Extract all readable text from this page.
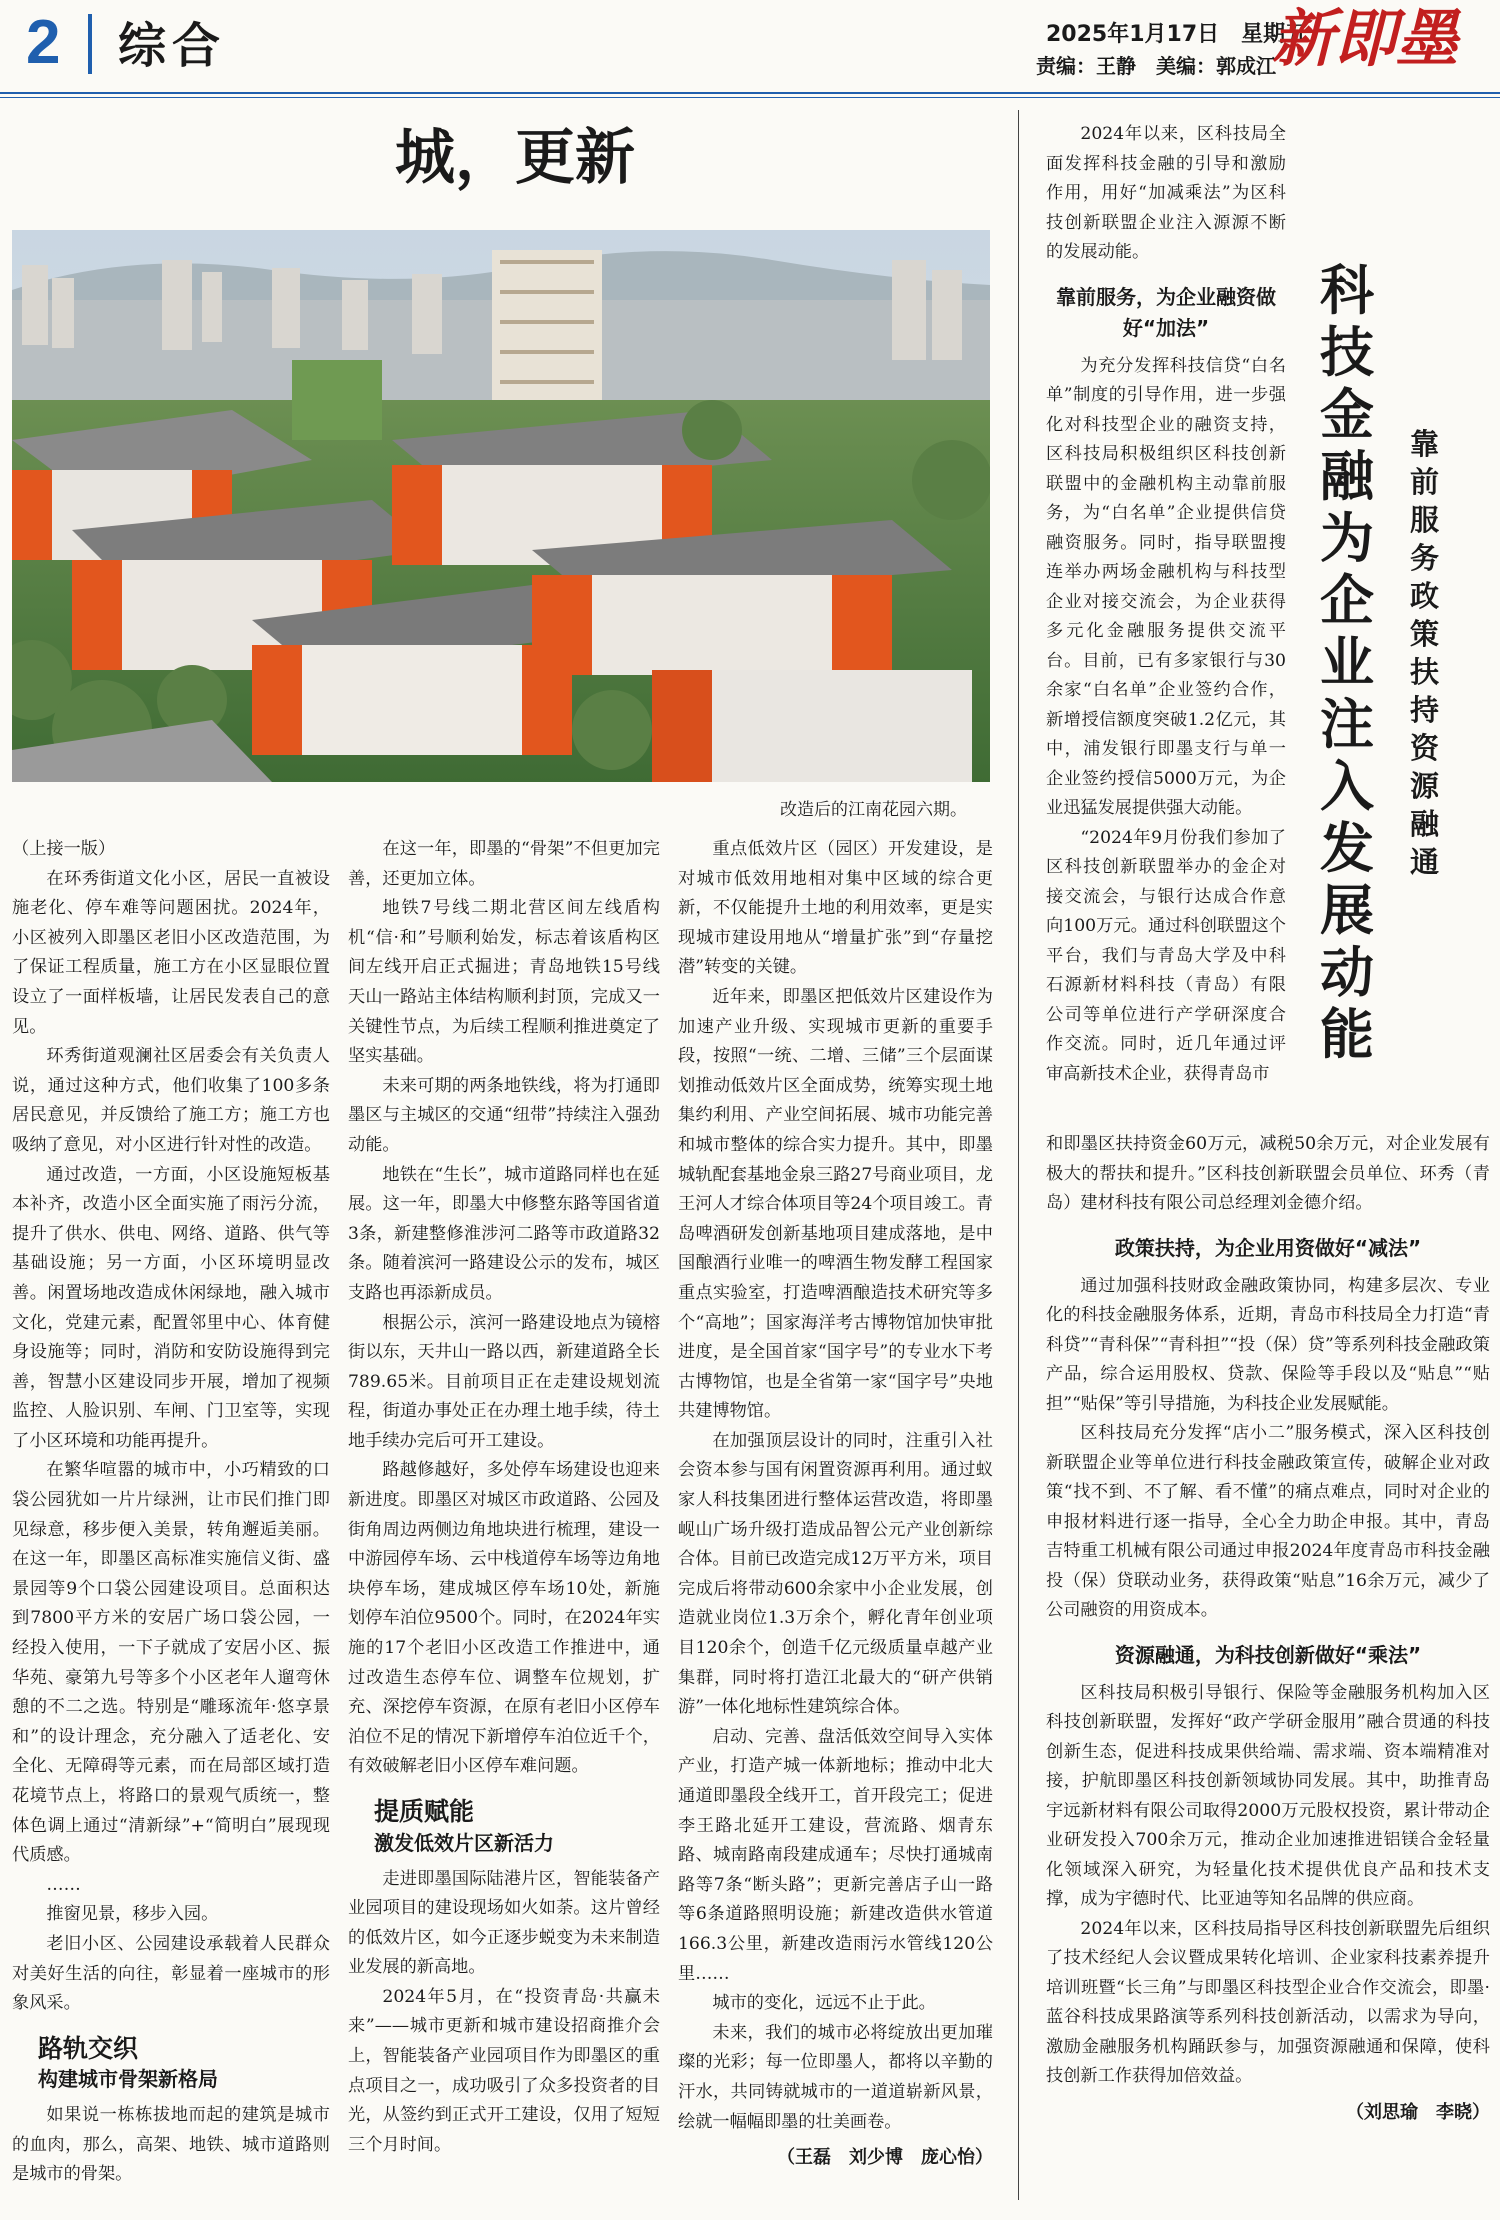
2 综合	2025年1月17日　星期五
责编：王静　美编：郭成江
新即墨
城，更新
改造后的江南花园六期。

（上接一版）

在环秀街道文化小区，居民一直被设施老化、停车难等问题困扰。2024年，小区被列入即墨区老旧小区改造范围，为了保证工程质量，施工方在小区显眼位置设立了一面样板墙，让居民发表自己的意见。

环秀街道观澜社区居委会有关负责人说，通过这种方式，他们收集了100多条居民意见，并反馈给了施工方；施工方也吸纳了意见，对小区进行针对性的改造。

通过改造，一方面，小区设施短板基本补齐，改造小区全面实施了雨污分流，提升了供水、供电、网络、道路、供气等基础设施；另一方面，小区环境明显改善。闲置场地改造成休闲绿地，融入城市文化，党建元素，配置邻里中心、体育健身设施等；同时，消防和安防设施得到完善，智慧小区建设同步开展，增加了视频监控、人脸识别、车闸、门卫室等，实现了小区环境和功能再提升。

在繁华喧嚣的城市中，小巧精致的口袋公园犹如一片片绿洲，让市民们推门即见绿意，移步便入美景，转角邂逅美丽。在这一年，即墨区高标准实施信义街、盛景园等9个口袋公园建设项目。总面积达到7800平方米的安居广场口袋公园，一经投入使用，一下子就成了安居小区、振华苑、豪第九号等多个小区老年人遛弯休憩的不二之选。特别是“雕琢流年·悠享景和”的设计理念，充分融入了适老化、安全化、无障碍等元素，而在局部区域打造花境节点上，将路口的景观气质统一，整体色调上通过“清新绿”+“简明白”展现现代质感。

……

推窗见景，移步入园。

老旧小区、公园建设承载着人民群众对美好生活的向往，彰显着一座城市的形象风采。

路轨交织
构建城市骨架新格局

如果说一栋栋拔地而起的建筑是城市的血肉，那么，高架、地铁、城市道路则是城市的骨架。

在这一年，即墨的“骨架”不但更加完善，还更加立体。

地铁7号线二期北营区间左线盾构机“信·和”号顺利始发，标志着该盾构区间左线开启正式掘进；青岛地铁15号线天山一路站主体结构顺利封顶，完成又一关键性节点，为后续工程顺利推进奠定了坚实基础。

未来可期的两条地铁线，将为打通即墨区与主城区的交通“纽带”持续注入强劲动能。

地铁在“生长”，城市道路同样也在延展。这一年，即墨大中修整东路等国省道3条，新建整修淮涉河二路等市政道路32条。随着滨河一路建设公示的发布，城区支路也再添新成员。

根据公示，滨河一路建设地点为镜榕街以东，天井山一路以西，新建道路全长789.65米。目前项目正在走建设规划流程，街道办事处正在办理土地手续，待土地手续办完后可开工建设。

路越修越好，多处停车场建设也迎来新进度。即墨区对城区市政道路、公园及街角周边两侧边角地块进行梳理，建设一中游园停车场、云中栈道停车场等边角地块停车场，建成城区停车场10处，新施划停车泊位9500个。同时，在2024年实施的17个老旧小区改造工作推进中，通过改造生态停车位、调整车位规划，扩充、深挖停车资源，在原有老旧小区停车泊位不足的情况下新增停车泊位近千个，有效破解老旧小区停车难问题。

提质赋能
激发低效片区新活力

走进即墨国际陆港片区，智能装备产业园项目的建设现场如火如荼。这片曾经的低效片区，如今正逐步蜕变为未来制造业发展的新高地。

2024年5月，在“投资青岛·共赢未来”——城市更新和城市建设招商推介会上，智能装备产业园项目作为即墨区的重点项目之一，成功吸引了众多投资者的目光，从签约到正式开工建设，仅用了短短三个月时间。

重点低效片区（园区）开发建设，是对城市低效用地相对集中区域的综合更新，不仅能提升土地的利用效率，更是实现城市建设用地从“增量扩张”到“存量挖潜”转变的关键。

近年来，即墨区把低效片区建设作为加速产业升级、实现城市更新的重要手段，按照“一统、二增、三储”三个层面谋划推动低效片区全面成势，统筹实现土地集约利用、产业空间拓展、城市功能完善和城市整体的综合实力提升。其中，即墨城轨配套基地金泉三路27号商业项目，龙王河人才综合体项目等24个项目竣工。青岛啤酒研发创新基地项目建成落地，是中国酿酒行业唯一的啤酒生物发酵工程国家重点实验室，打造啤酒酿造技术研究等多个“高地”；国家海洋考古博物馆加快审批进度，是全国首家“国字号”的专业水下考古博物馆，也是全省第一家“国字号”央地共建博物馆。

在加强顶层设计的同时，注重引入社会资本参与国有闲置资源再利用。通过蚁家人科技集团进行整体运营改造，将即墨岘山广场升级打造成品智公元产业创新综合体。目前已改造完成12万平方米，项目完成后将带动600余家中小企业发展，创造就业岗位1.3万余个，孵化青年创业项目120余个，创造千亿元级质量卓越产业集群，同时将打造江北最大的“研产供销游”一体化地标性建筑综合体。

启动、完善、盘活低效空间导入实体产业，打造产城一体新地标；推动中北大通道即墨段全线开工，首开段完工；促进李王路北延开工建设，营流路、烟青东路、城南路南段建成通车；尽快打通城南路等7条“断头路”；更新完善店子山一路等6条道路照明设施；新建改造供水管道166.3公里，新建改造雨污水管线120公里……

城市的变化，远远不止于此。

未来，我们的城市必将绽放出更加璀璨的光彩；每一位即墨人，都将以辛勤的汗水，共同铸就城市的一道道崭新风景，绘就一幅幅即墨的壮美画卷。

（王磊　刘少博　庞心怡）
科技金融为企业注入发展动能
靠前服务　政策扶持　资源融通

2024年以来，区科技局全面发挥科技金融的引导和激励作用，用好“加减乘法”为区科技创新联盟企业注入源源不断的发展动能。

靠前服务，为企业融资做好“加法”

为充分发挥科技信贷“白名单”制度的引导作用，进一步强化对科技型企业的融资支持，区科技局积极组织区科技创新联盟中的金融机构主动靠前服务，为“白名单”企业提供信贷融资服务。同时，指导联盟搜连举办两场金融机构与科技型企业对接交流会，为企业获得多元化金融服务提供交流平台。目前，已有多家银行与30余家“白名单”企业签约合作，新增授信额度突破1.2亿元，其中，浦发银行即墨支行与单一企业签约授信5000万元，为企业迅猛发展提供强大动能。

“2024年9月份我们参加了区科技创新联盟举办的金企对接交流会，与银行达成合作意向100万元。通过科创联盟这个平台，我们与青岛大学及中科石源新材料科技（青岛）有限公司等单位进行产学研深度合作交流。同时，近几年通过评审高新技术企业，获得青岛市

和即墨区扶持资金60万元，减税50余万元，对企业发展有极大的帮扶和提升。”区科技创新联盟会员单位、环秀（青岛）建材科技有限公司总经理刘金德介绍。

政策扶持，为企业用资做好“减法”

通过加强科技财政金融政策协同，构建多层次、专业化的科技金融服务体系，近期，青岛市科技局全力打造“青科贷”“青科保”“青科担”“投（保）贷”等系列科技金融政策产品，综合运用股权、贷款、保险等手段以及“贴息”“贴担”“贴保”等引导措施，为科技企业发展赋能。

区科技局充分发挥“店小二”服务模式，深入区科技创新联盟企业等单位进行科技金融政策宣传，破解企业对政策“找不到、不了解、看不懂”的痛点难点，同时对企业的申报材料进行逐一指导，全心全力助企申报。其中，青岛吉特重工机械有限公司通过申报2024年度青岛市科技金融投（保）贷联动业务，获得政策“贴息”16余万元，减少了公司融资的用资成本。

资源融通，为科技创新做好“乘法”

区科技局积极引导银行、保险等金融服务机构加入区科技创新联盟，发挥好“政产学研金服用”融合贯通的科技创新生态，促进科技成果供给端、需求端、资本端精准对接，护航即墨区科技创新领域协同发展。其中，助推青岛宇远新材料有限公司取得2000万元股权投资，累计带动企业研发投入700余万元，推动企业加速推进铝镁合金轻量化领域深入研究，为轻量化技术提供优良产品和技术支撑，成为宇德时代、比亚迪等知名品牌的供应商。

2024年以来，区科技局指导区科技创新联盟先后组织了技术经纪人会议暨成果转化培训、企业家科技素养提升培训班暨“长三角”与即墨区科技型企业合作交流会，即墨·蓝谷科技成果路演等系列科技创新活动，以需求为导向，激励金融服务机构踊跃参与，加强资源融通和保障，使科技创新工作获得加倍效益。

（刘思瑜　李晓）
